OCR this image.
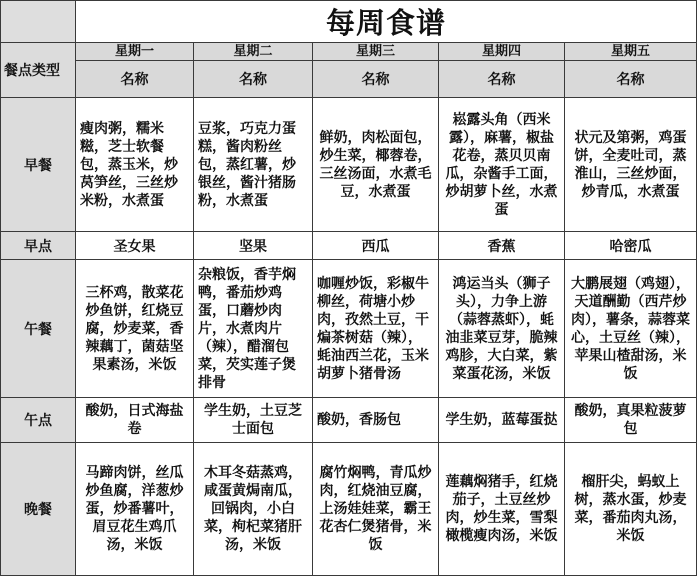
	每周食谱				
餐点类型	星期一	星期二	星期三	星期四	星期五
	名称	名称	名称	名称	名称
早餐	瘦肉粥，糯米糍，芝士软餐包，蒸玉米，炒莴笋丝，三丝炒米粉，水煮蛋	豆浆，巧克力蛋糕，酱肉粉丝包，蒸红薯，炒银丝，酱汁猪肠粉，水煮蛋	鲜奶，肉松面包，炒生菜，椰蓉卷，三丝汤面，水煮毛豆，水煮蛋	崧露头角（西米露），麻薯，椒盐花卷，蒸贝贝南瓜，杂酱手工面，炒胡萝卜丝，水煮蛋	状元及第粥，鸡蛋饼，全麦吐司，蒸淮山，三丝炒面，炒青瓜，水煮蛋
早点	圣女果	坚果	西瓜	香蕉	哈密瓜
午餐	三杯鸡，散菜花炒鱼饼，红烧豆腐，炒麦菜，香辣藕丁，菌菇坚果素汤，米饭	杂粮饭，香芋焖鸭，番茄炒鸡蛋，口蘑炒肉片，水煮肉片（辣），醋溜包菜，芡实莲子煲排骨	咖喱炒饭，彩椒牛柳丝，荷塘小炒肉，孜然土豆，干煸茶树菇（辣），蚝油西兰花，玉米胡萝卜猪骨汤	鸿运当头（狮子头），力争上游（蒜蓉蒸虾），蚝油韭菜豆芽，脆辣鸡胗，大白菜，紫菜蛋花汤，米饭	大鹏展翅（鸡翅），天道酬勤（西芹炒肉），薯条，蒜蓉菜心，土豆丝（辣），苹果山楂甜汤，米饭
午点	酸奶，日式海盐卷	学生奶，土豆芝士面包	酸奶，香肠包	学生奶，蓝莓蛋挞	酸奶，真果粒菠萝包
晚餐	马蹄肉饼，丝瓜炒鱼腐，洋葱炒蛋，炒番薯叶，眉豆花生鸡爪汤，米饭	木耳冬菇蒸鸡，咸蛋黄焗南瓜，回锅肉，小白菜，枸杞菜猪肝汤，米饭	腐竹焖鸭，青瓜炒肉，红烧油豆腐，上汤娃娃菜，霸王花杏仁煲猪骨，米饭	莲藕焖猪手，红烧茄子，土豆丝炒肉，炒生菜，雪梨橄榄瘦肉汤，米饭	榴肝尖，蚂蚁上树，蒸水蛋，炒麦菜，番茄肉丸汤，米饭
